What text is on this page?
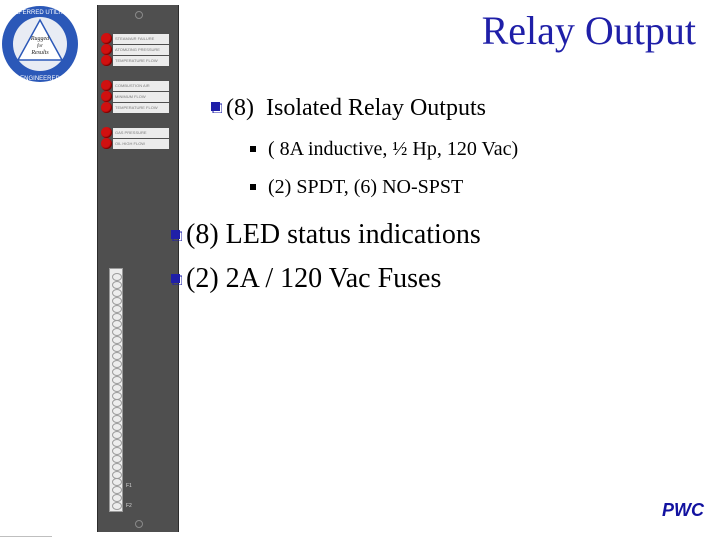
Relay Output
PREFERRED UTILITIES
ENGINEERED
Rugged
for
Results
STEAM/AIR FAILURE
ATOMIZING PRESSURE
TEMPERATURE FLOW
COMBUSTION AIR
MINIMUM FLOW
TEMPERATURE FLOW
GAS PRESSURE
OIL HIGH FLOW
F1
F2
(8)  Isolated Relay Outputs
( 8A inductive, ½ Hp, 120 Vac)
(2) SPDT, (6) NO-SPST
(8) LED status indications
(2) 2A / 120 Vac Fuses
PWC
